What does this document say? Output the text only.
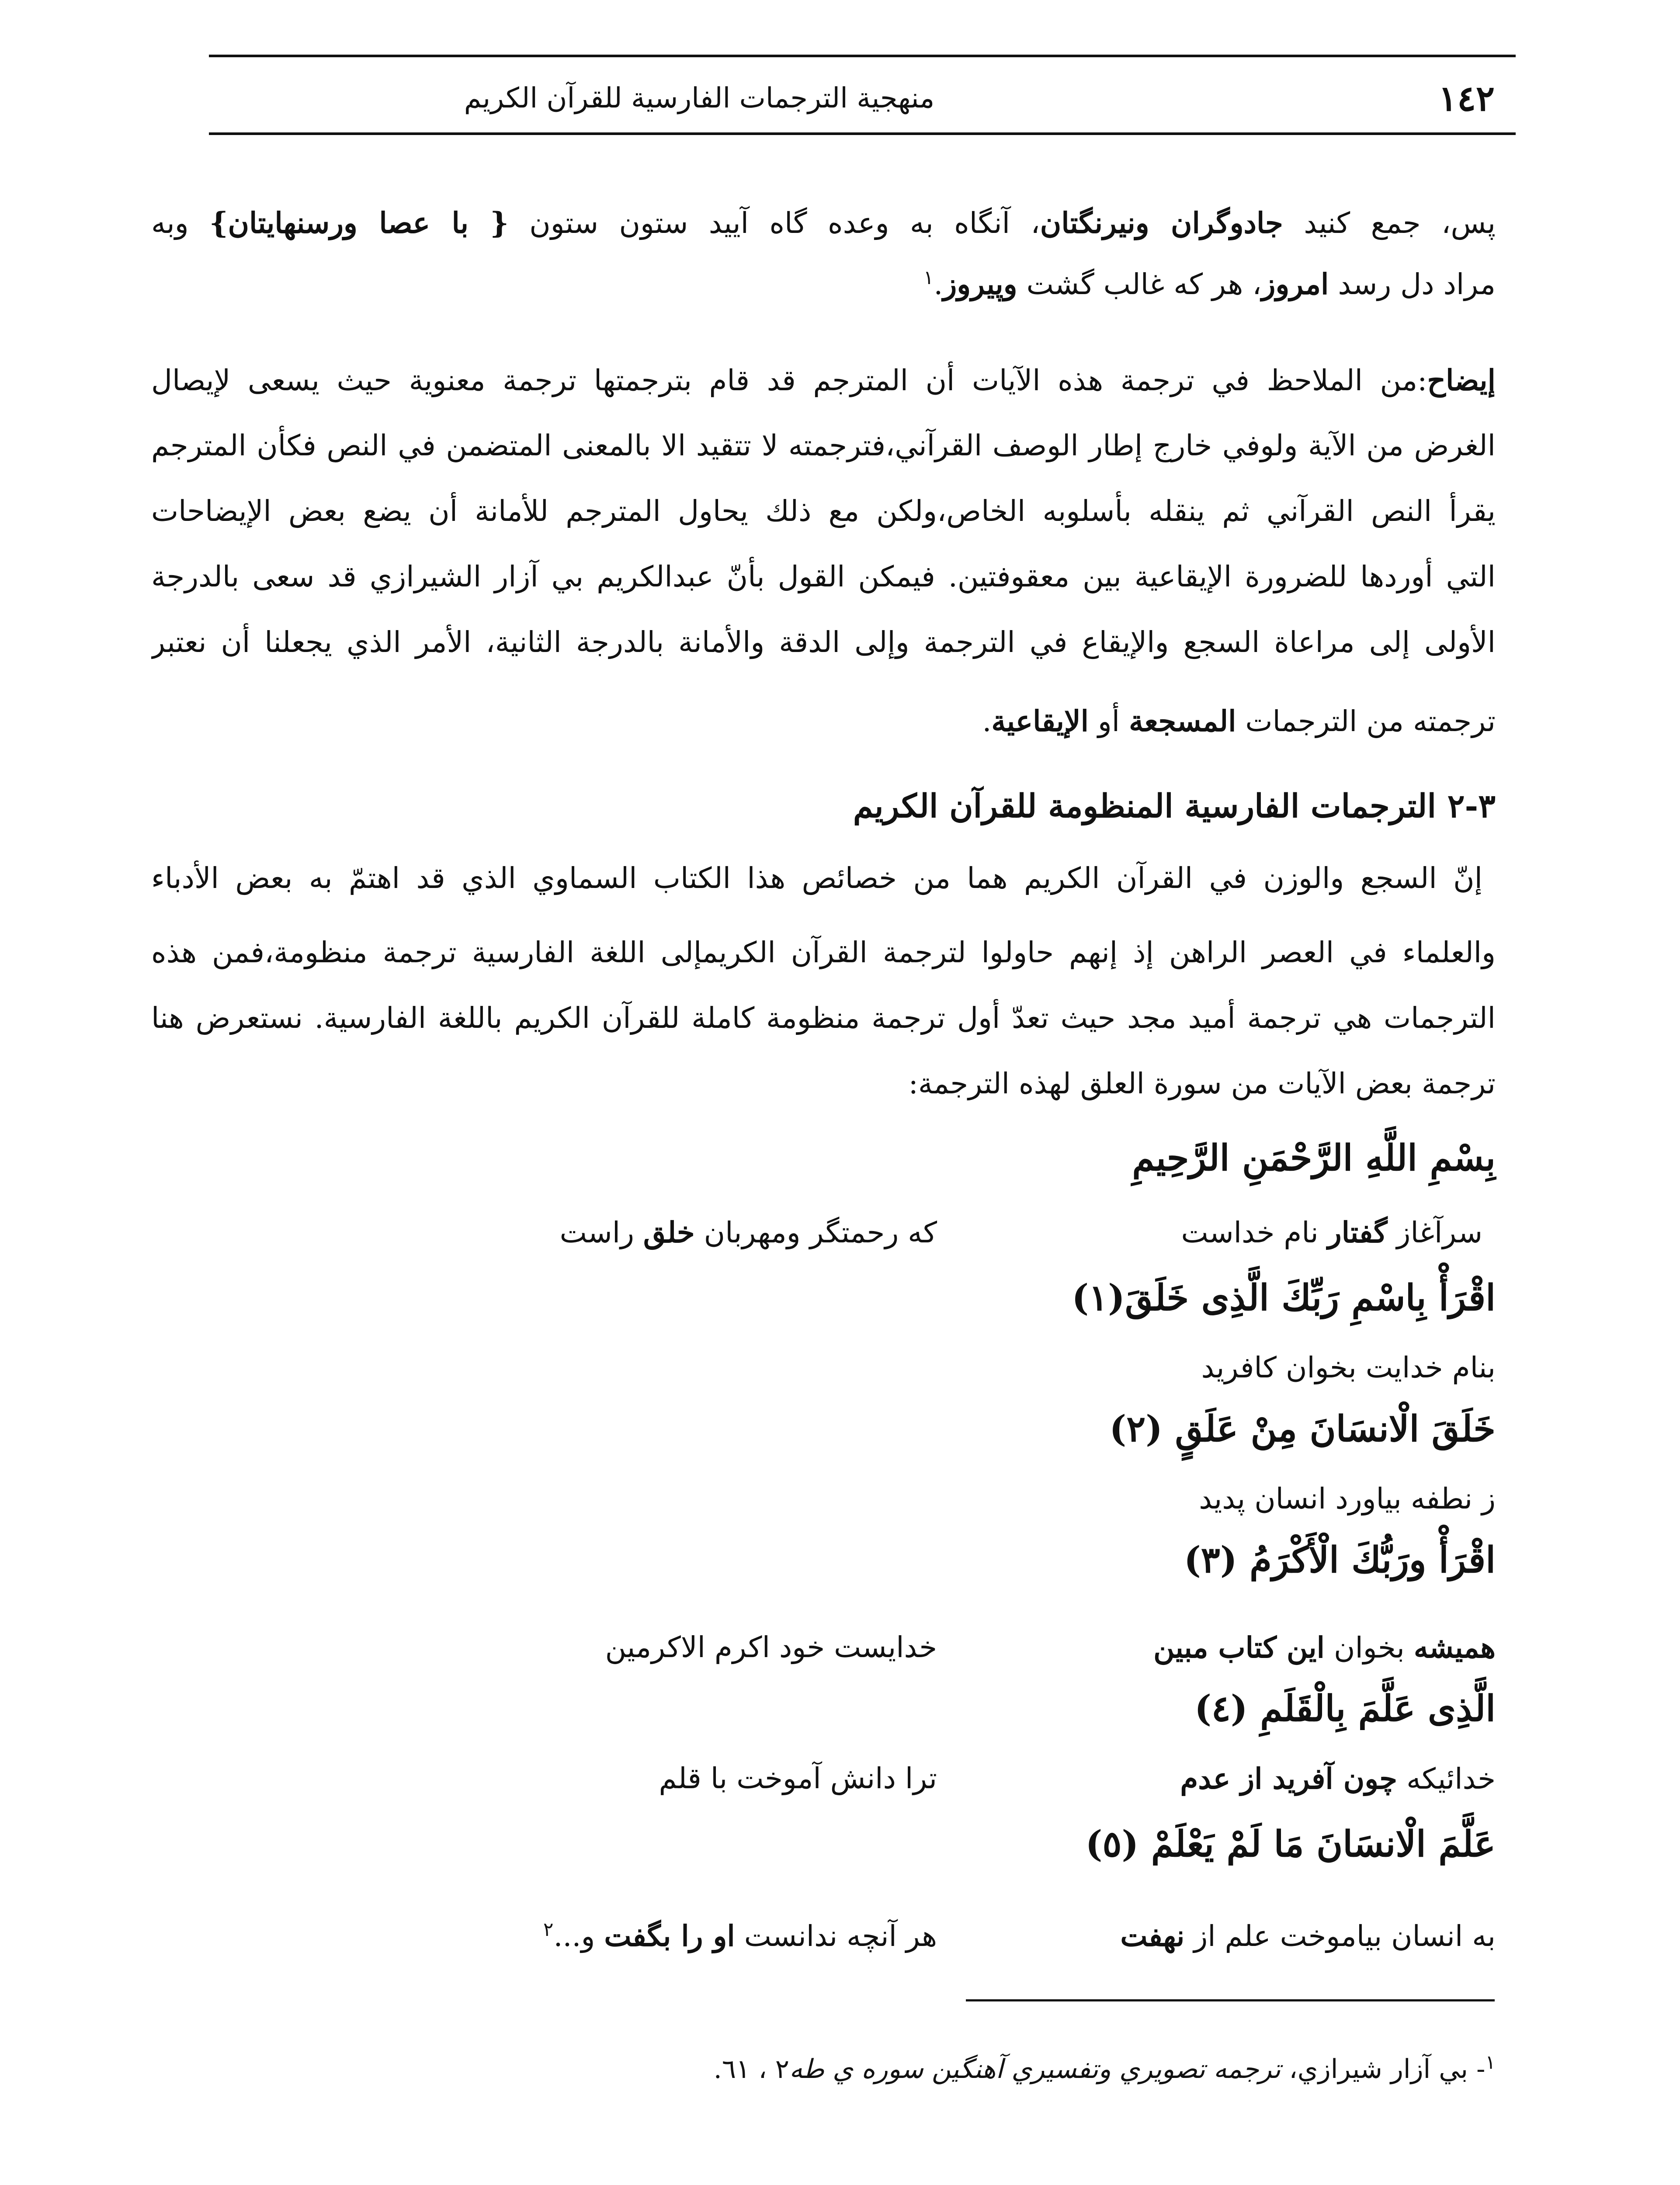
١٤٢
منهجية الترجمات الفارسية للقرآن الكريم
پس، جمع كنيد جادوگران ونيرنگتان، آنگاه به وعده گاه آييد ستون ستون { با عصا ورسنهايتان} وبه
مراد دل رسد امروز، هر كه غالب گشت وپيروز.$^١$
إيضاح:من الملاحظ في ترجمة هذه الآيات أن المترجم قد قام بترجمتها ترجمة معنوية حيث يسعى لإيصال
الغرض من الآية ولوفي خارج إطار الوصف القرآني،فترجمته لا تتقيد الا بالمعنى المتضمن في النص فكأن المترجم
يقرأ النص القرآني ثم ينقله بأسلوبه الخاص،ولكن مع ذلك يحاول المترجم للأمانة أن يضع بعض الإيضاحات
التي أوردها للضرورة الإيقاعية بين معقوفتين. فيمكن القول بأنّ عبدالكريم بي آزار الشيرازي قد سعى بالدرجة
الأولى إلى مراعاة السجع والإيقاع في الترجمة وإلى الدقة والأمانة بالدرجة الثانية، الأمر الذي يجعلنا أن نعتبر
ترجمته من الترجمات المسجعة أو الإيقاعية.
٣-٢ الترجمات الفارسية المنظومة للقرآن الكريم
إنّ السجع والوزن في القرآن الكريم هما من خصائص هذا الكتاب السماوي الذي قد اهتمّ به بعض الأدباء
والعلماء في العصر الراهن إذ إنهم حاولوا لترجمة القرآن الكريمإلى اللغة الفارسية ترجمة منظومة،فمن هذه
الترجمات هي ترجمة أميد مجد حيث تعدّ أول ترجمة منظومة كاملة للقرآن الكريم باللغة الفارسية. نستعرض هنا
ترجمة بعض الآيات من سورة العلق لهذه الترجمة:
بِسْمِ اللَّهِ الرَّحْمَنِ الرَّحِيمِ
سرآغاز گفتار نام خداست
كه رحمتگر ومهربان خلق راست
اقْرَأْ بِاسْمِ رَبِّكَ الَّذِى خَلَقَ(١)
بنام خدايت بخوان كافريد
خَلَقَ الْانسَانَ مِنْ عَلَقٍ (٢)
ز نطفه بياورد انسان پديد
اقْرَأْ ورَبُّكَ الْأَكْرَمُ (٣)
هميشه بخوان اين كتاب مبين
خدايست خود اكرم الاكرمين
الَّذِى عَلَّمَ بِالْقَلَمِ (٤)
خدائيكه چون آفريد از عدم
ترا دانش آموخت با قلم
عَلَّمَ الْانسَانَ مَا لَمْ يَعْلَمْ (٥)
به انسان بياموخت علم از نهفت
هر آنچه ندانست او را بگفت و...$^٢$
$^١$- بي آزار شيرازي، ترجمه تصويري وتفسيري آهنگين سوره ي طه٢ ، ٦١.
